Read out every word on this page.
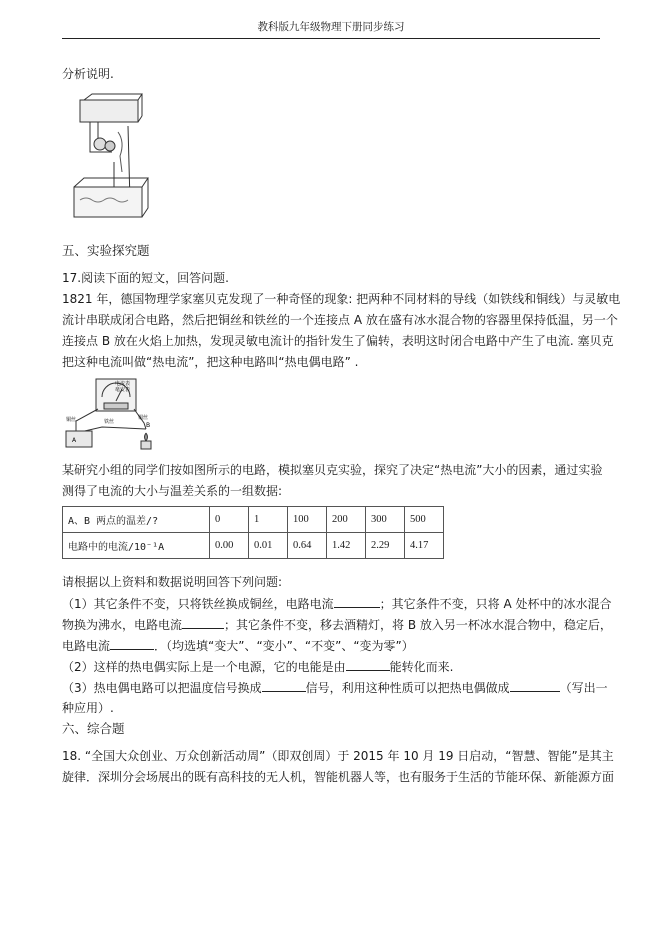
教科版九年级物理下册同步练习
分析说明.
五、实验探究题
17.阅读下面的短文，回答问题.
1821 年，德国物理学家塞贝克发现了一种奇怪的现象: 把两种不同材料的导线（如铁线和铜线）与灵敏电
流计串联成闭合电路，然后把铜丝和铁丝的一个连接点 A 放在盛有冰水混合物的容器里保持低温，另一个
连接点 B 放在火焰上加热，发现灵敏电流计的指针发生了偏转，表明这时闭合电路中产生了电流. 塞贝克
把这种电流叫做“热电流”，把这种电路叫“热电偶电路” .
电流表
毫安表
铜丝	铁丝
铜丝
A
B
某研究小组的同学们按如图所示的电路，模拟塞贝克实验，探究了决定“热电流”大小的因素，通过实验
测得了电流的大小与温差关系的一组数据:
A、B 两点的温差/?	0	1	100	200	300	500
电路中的电流/10⁻¹A	0.00	0.01	0.64	1.42	2.29	4.17
请根据以上资料和数据说明回答下列问题:
（1）其它条件不变，只将铁丝换成铜丝，电路电流	；其它条件不变，只将 A 处杯中的冰水混合
物换为沸水，电路电流	；其它条件不变，移去酒精灯，将 B 放入另一杯冰水混合物中，稳定后，
电路电流	．（均选填“变大”、“变小”、“不变”、“变为零”）
（2）这样的热电偶实际上是一个电源，它的电能是由	能转化而来.
（3）热电偶电路可以把温度信号换成	信号，利用这种性质可以把热电偶做成	（写出一
种应用）.
六、综合题
18. “全国大众创业、万众创新活动周”（即双创周）于 2015 年 10 月 19 日启动，“智慧、智能”是其主
旋律．深圳分会场展出的既有高科技的无人机，智能机器人等，也有服务于生活的节能环保、新能源方面
